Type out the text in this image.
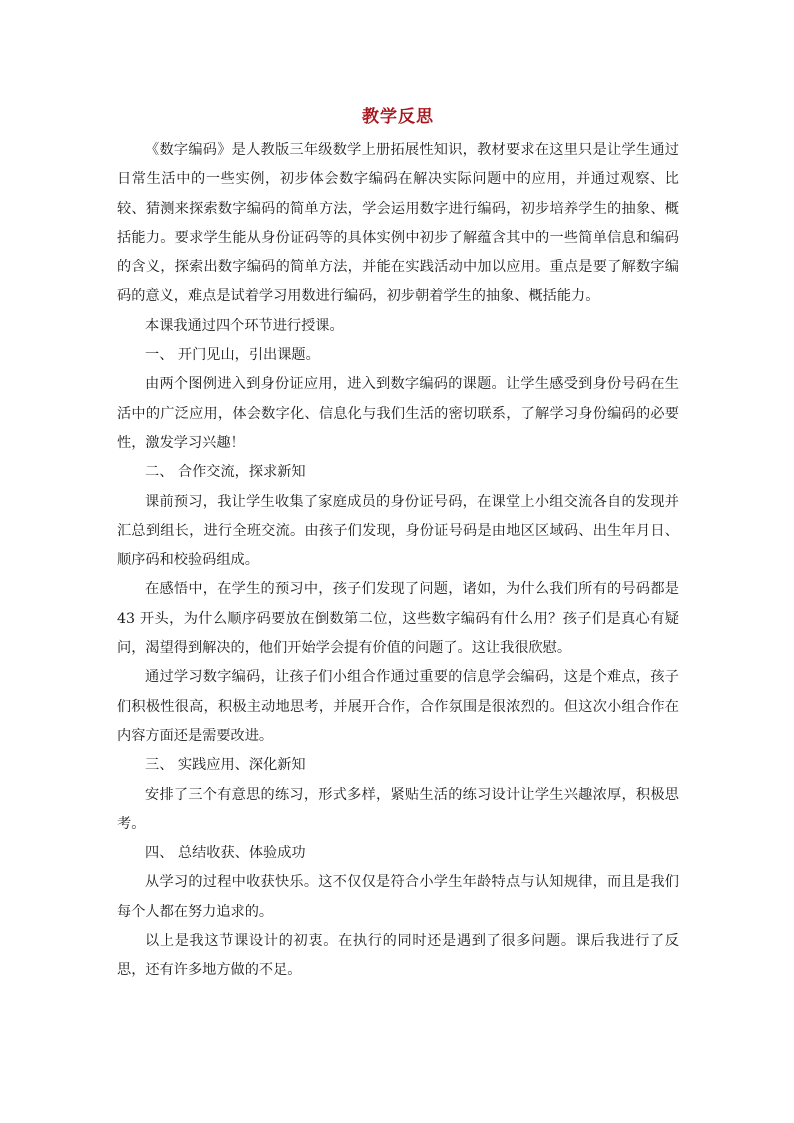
教学反思

《数字编码》是人教版三年级数学上册拓展性知识，教材要求在这里只是让学生通过日常生活中的一些实例，初步体会数字编码在解决实际问题中的应用，并通过观察、比较、猜测来探索数字编码的简单方法，学会运用数字进行编码，初步培养学生的抽象、概括能力。要求学生能从身份证码等的具体实例中初步了解蕴含其中的一些简单信息和编码的含义，探索出数字编码的简单方法，并能在实践活动中加以应用。重点是要了解数字编码的意义，难点是试着学习用数进行编码，初步朝着学生的抽象、概括能力。

本课我通过四个环节进行授课。

一、 开门见山，引出课题。

由两个图例进入到身份证应用，进入到数字编码的课题。让学生感受到身份号码在生活中的广泛应用，体会数字化、信息化与我们生活的密切联系，了解学习身份编码的必要性，激发学习兴趣！

二、 合作交流，探求新知

课前预习，我让学生收集了家庭成员的身份证号码，在课堂上小组交流各自的发现并汇总到组长，进行全班交流。由孩子们发现，身份证号码是由地区区域码、出生年月日、顺序码和校验码组成。

在感悟中，在学生的预习中，孩子们发现了问题，诸如，为什么我们所有的号码都是 43 开头，为什么顺序码要放在倒数第二位，这些数字编码有什么用？孩子们是真心有疑问，渴望得到解决的，他们开始学会提有价值的问题了。这让我很欣慰。

通过学习数字编码，让孩子们小组合作通过重要的信息学会编码，这是个难点，孩子们积极性很高，积极主动地思考，并展开合作，合作氛围是很浓烈的。但这次小组合作在内容方面还是需要改进。

三、 实践应用、深化新知

安排了三个有意思的练习，形式多样，紧贴生活的练习设计让学生兴趣浓厚，积极思考。

四、 总结收获、体验成功

从学习的过程中收获快乐。这不仅仅是符合小学生年龄特点与认知规律，而且是我们每个人都在努力追求的。

以上是我这节课设计的初衷。在执行的同时还是遇到了很多问题。课后我进行了反思，还有许多地方做的不足。
